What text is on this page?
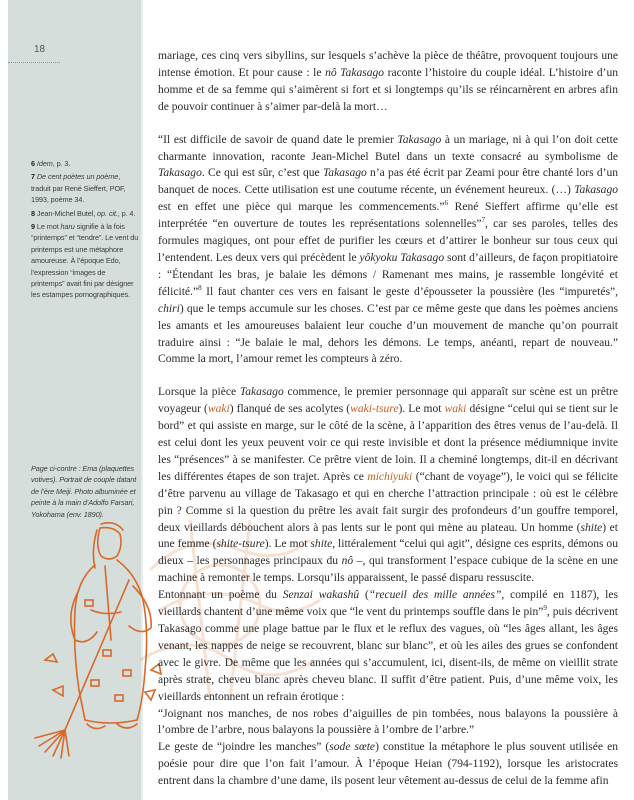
18
6 Idem, p. 3.
7 De cent poètes un poème, traduit par René Sieffert, POF, 1993, poème 34.
8 Jean-Michel Butel, op. cit., p. 4.
9 Le mot haru signifie à la fois “printemps” et “tendre”. Le vent du printemps est une métaphore amoureuse. À l’époque Edo, l’expression “images de printemps” avait fini par désigner les estampes pornographiques.
Page ci-contre : Ema (plaquettes votives). Portrait de couple datant de l’ère Meiji. Photo albuminée et peinte à la main d’Adolfo Farsari, Yokohama (env. 1890).

mariage, ces cinq vers sibyllins, sur lesquels s’achève la pièce de théâtre, provoquent toujours une intense émotion. Et pour cause : le nô Takasago raconte l’histoire du couple idéal. L’histoire d’un homme et de sa femme qui s’aimèrent si fort et si longtemps qu’ils se réincarnèrent en arbres afin de pouvoir continuer à s’aimer par-delà la mort…

“Il est difficile de savoir de quand date le premier Takasago à un mariage, ni à qui l’on doit cette charmante innovation, raconte Jean-Michel Butel dans un texte consacré au symbolisme de Takasago. Ce qui est sûr, c’est que Takasago n’a pas été écrit par Zeami pour être chanté lors d’un banquet de noces. Cette utilisation est une coutume récente, un événement heureux. (…) Takasago est en effet une pièce qui marque les commencements.”$^6$ René Sieffert affirme qu’elle est interprétée “en ouverture de toutes les représentations solennelles”$^7$, car ses paroles, telles des formules magiques, ont pour effet de purifier les cœurs et d’attirer le bonheur sur tous ceux qui l’entendent. Les deux vers qui précèdent le yôkyoku Takasago sont d’ailleurs, de façon propitiatoire : “Étendant les bras, je balaie les démons / Ramenant mes mains, je rassemble longévité et félicité.”$^8$ Il faut chanter ces vers en faisant le geste d’épousseter la poussière (les “impuretés”, chiri) que le temps accumule sur les choses. C’est par ce même geste que dans les poèmes anciens les amants et les amoureuses balaient leur couche d’un mouvement de manche qu’on pourrait traduire ainsi : “Je balaie le mal, dehors les démons. Le temps, anéanti, repart de nouveau.” Comme la mort, l’amour remet les compteurs à zéro.

Lorsque la pièce Takasago commence, le premier personnage qui apparaît sur scène est un prêtre voyageur (waki) flanqué de ses acolytes (waki-tsure). Le mot waki désigne “celui qui se tient sur le bord” et qui assiste en marge, sur le côté de la scène, à l’apparition des êtres venus de l’au-delà. Il est celui dont les yeux peuvent voir ce qui reste invisible et dont la présence médiumnique invite les “présences” à se manifester. Ce prêtre vient de loin. Il a cheminé longtemps, dit-il en décrivant les différentes étapes de son trajet. Après ce michiyuki (“chant de voyage”), le voici qui se félicite d’être parvenu au village de Takasago et qui en cherche l’attraction principale : où est le célèbre pin ? Comme si la question du prêtre les avait fait surgir des profondeurs d’un gouffre temporel, deux vieillards débouchent alors à pas lents sur le pont qui mène au plateau. Un homme (shite) et une femme (shite-tsure). Le mot shite, littéralement “celui qui agit”, désigne ces esprits, démons ou dieux – les personnages principaux du nô –, qui transforment l’espace cubique de la scène en une machine à remonter le temps. Lorsqu’ils apparaissent, le passé disparu ressuscite.

Entonnant un poème du Senzai wakashû (“recueil des mille années”, compilé en 1187), les vieillards chantent d’une même voix que “le vent du printemps souffle dans le pin”$^9$, puis décrivent Takasago comme une plage battue par le flux et le reflux des vagues, où “les âges allant, les âges venant, les nappes de neige se recouvrent, blanc sur blanc”, et où les ailes des grues se confondent avec le givre. De même que les années qui s’accumulent, ici, disent-ils, de même on vieillit strate après strate, cheveu blanc après cheveu blanc. Il suffit d’être patient. Puis, d’une même voix, les vieillards entonnent un refrain érotique :

“Joignant nos manches, de nos robes d’aiguilles de pin tombées, nous balayons la poussière à l’ombre de l’arbre, nous balayons la poussière à l’ombre de l’arbre.”

Le geste de “joindre les manches” (sode sœte) constitue la métaphore le plus souvent utilisée en poésie pour dire que l’on fait l’amour. À l’époque Heian (794-1192), lorsque les aristocrates entrent dans la chambre d’une dame, ils posent leur vêtement au-dessus de celui de la femme afin
